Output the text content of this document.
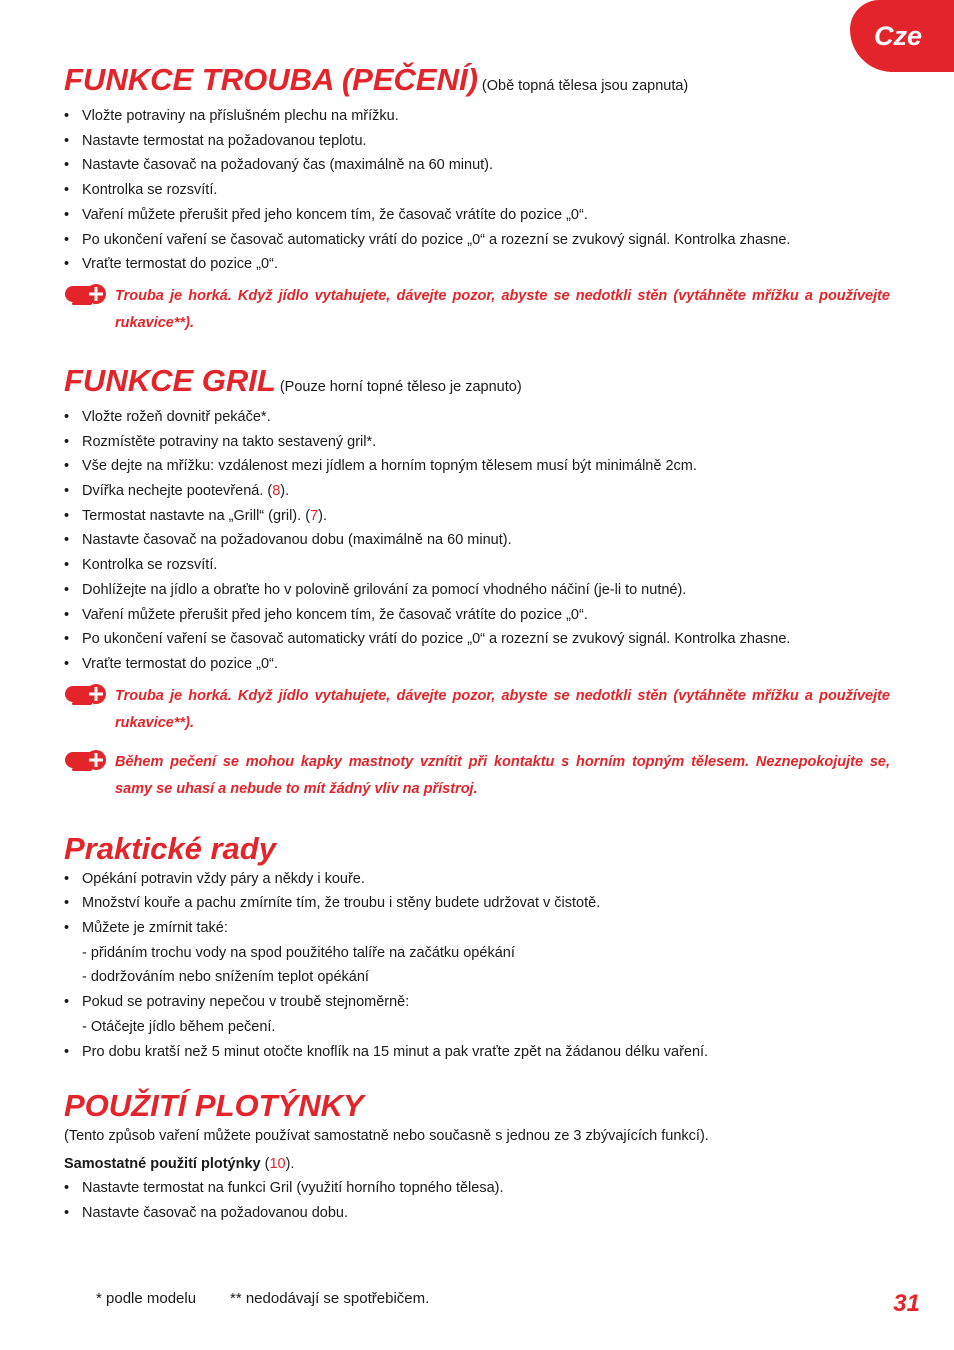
Cze
FUNKCE TROUBA (PEČENÍ) (Obě topná tělesa jsou zapnuta)
• Vložte potraviny na příslušném plechu na mřížku.
• Nastavte termostat na požadovanou teplotu.
• Nastavte časovač na požadovaný čas (maximálně na 60 minut).
• Kontrolka se rozsvítí.
• Vaření můžete přerušit před jeho koncem tím, že časovač vrátíte do pozice „0“.
• Po ukončení vaření se časovač automaticky vrátí do pozice „0“ a rozezní se zvukový signál. Kontrolka zhasne.
• Vraťte termostat do pozice „0“.

Trouba je horká. Když jídlo vytahujete, dávejte pozor, abyste se nedotkli stěn (vytáhněte mřížku a používejte rukavice**).

FUNKCE GRIL (Pouze horní topné těleso je zapnuto)
• Vložte rožeň dovnitř pekáče*.
• Rozmístěte potraviny na takto sestavený gril*.
• Vše dejte na mřížku: vzdálenost mezi jídlem a horním topným tělesem musí být minimálně 2cm.
• Dvířka nechejte pootevřená. (8).
• Termostat nastavte na „Grill“ (gril). (7).
• Nastavte časovač na požadovanou dobu (maximálně na 60 minut).
• Kontrolka se rozsvítí.
• Dohlížejte na jídlo a obraťte ho v polovině grilování za pomocí vhodného náčiní (je-li to nutné).
• Vaření můžete přerušit před jeho koncem tím, že časovač vrátíte do pozice „0“.
• Po ukončení vaření se časovač automaticky vrátí do pozice „0“ a rozezní se zvukový signál. Kontrolka zhasne.
• Vraťte termostat do pozice „0“.

Trouba je horká. Když jídlo vytahujete, dávejte pozor, abyste se nedotkli stěn (vytáhněte mřížku a používejte rukavice**).

Během pečení se mohou kapky mastnoty vznítit při kontaktu s horním topným tělesem. Neznepokojujte se, samy se uhasí a nebude to mít žádný vliv na přístroj.

Praktické rady
• Opékání potravin vždy páry a někdy i kouře.
• Množství kouře a pachu zmírníte tím, že troubu i stěny budete udržovat v čistotě.
• Můžete je zmírnit také:
- přidáním trochu vody na spod použitého talíře na začátku opékání
- dodržováním nebo snížením teplot opékání
• Pokud se potraviny nepečou v troubě stejnoměrně:
- Otáčejte jídlo během pečení.
• Pro dobu kratší než 5 minut otočte knoflík na 15 minut a pak vraťte zpět na žádanou délku vaření.
POUŽITÍ PLOTÝNKY

(Tento způsob vaření můžete používat samostatně nebo současně s jednou ze 3 zbývajících funkcí).

Samostatné použití plotýnky (10).

• Nastavte termostat na funkci Gril (využití horního topného tělesa).
• Nastavte časovač na požadovanou dobu.
* podle modelu ** nedodávají se spotřebičem.	31
